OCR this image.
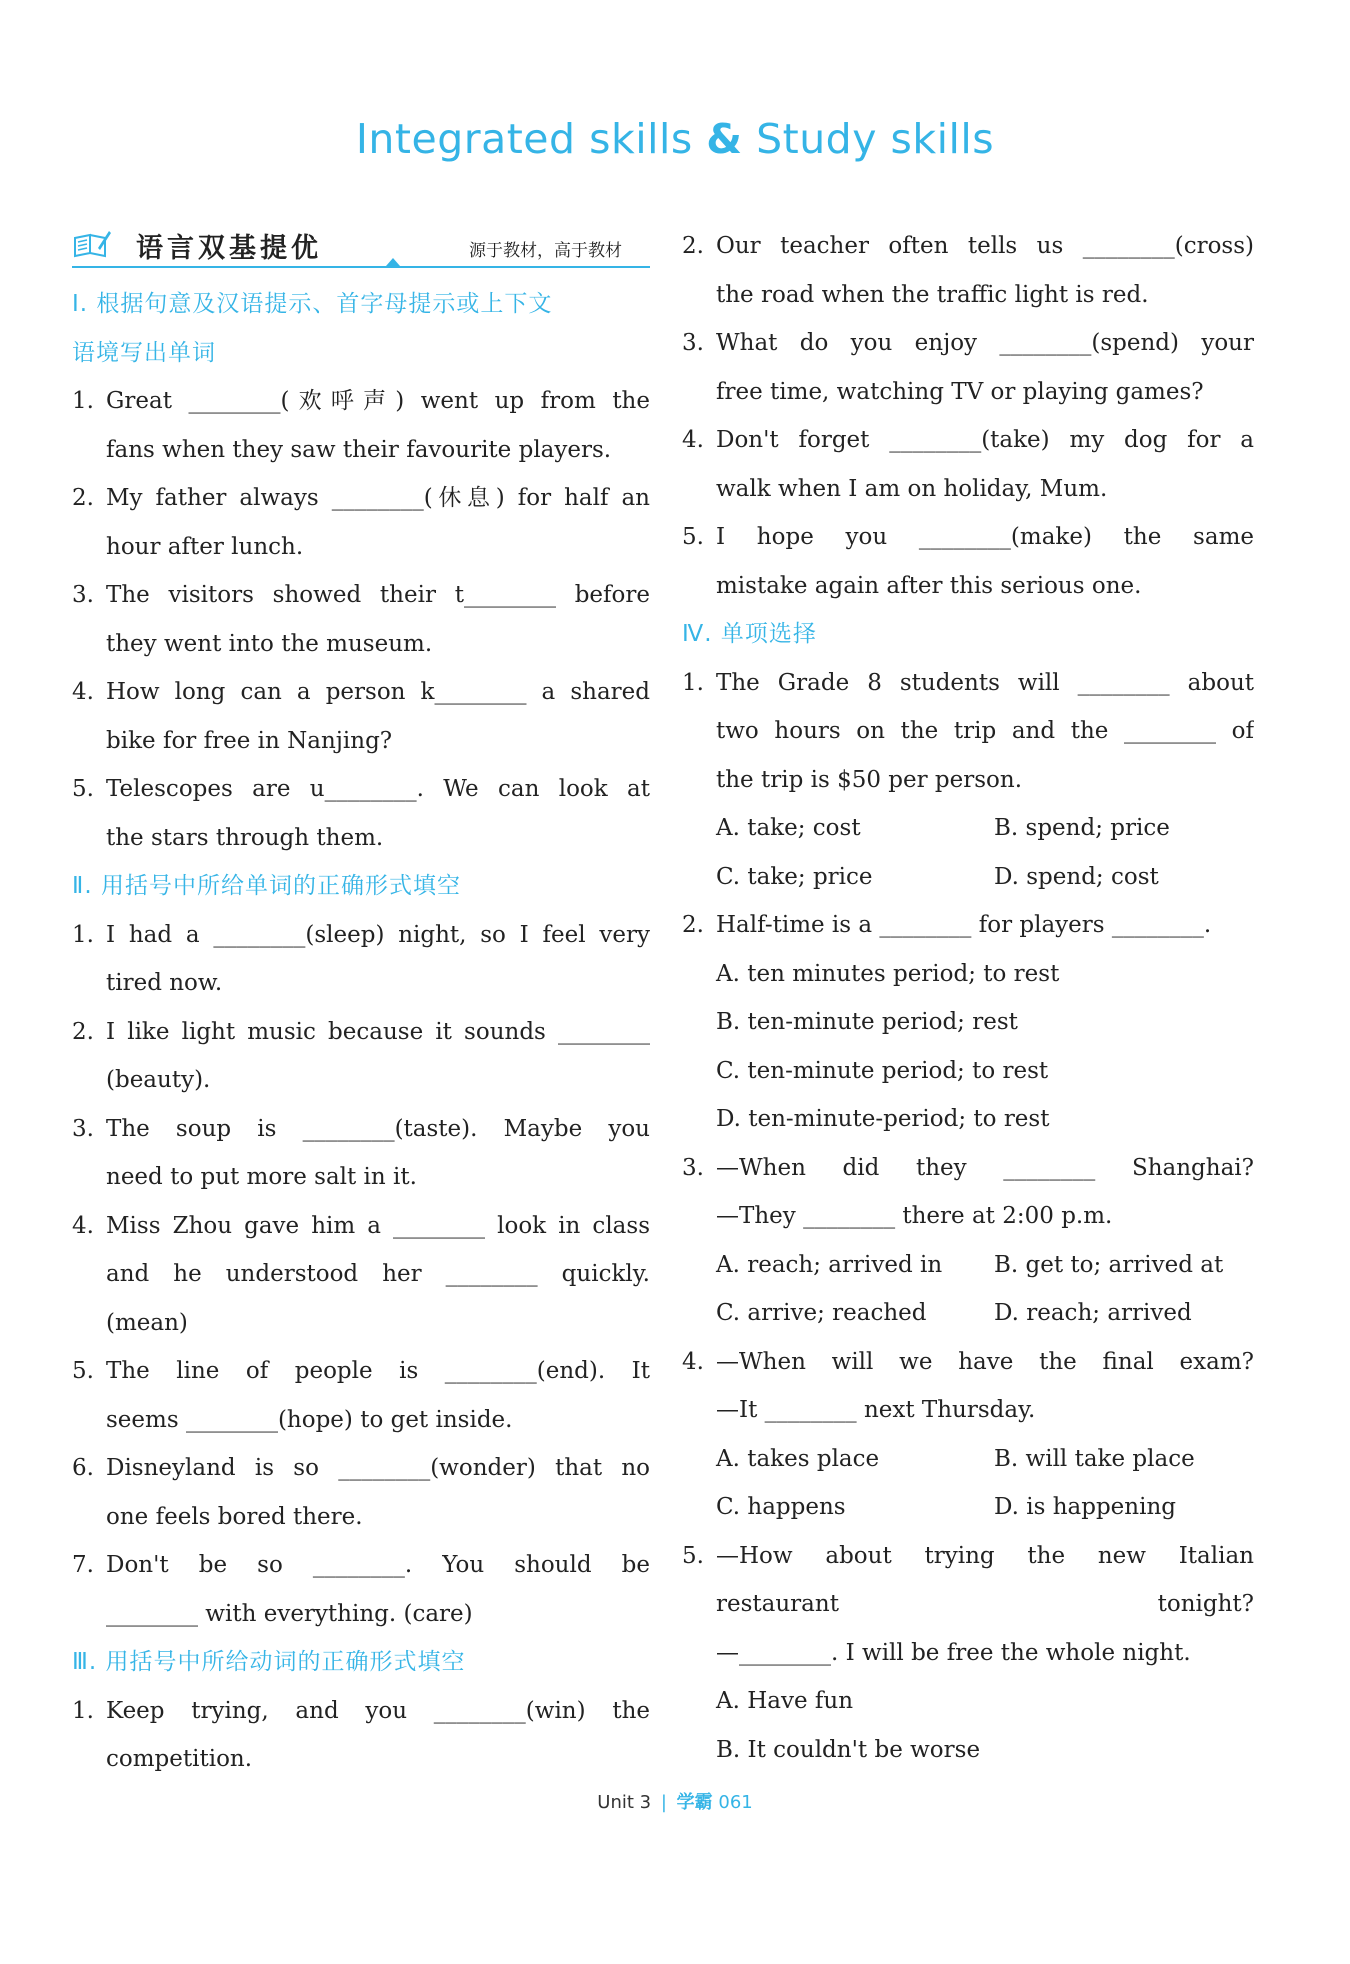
Integrated skills & Study skills
语言双基提优	源于教材，高于教材
Ⅰ. 根据句意及汉语提示、首字母提示或上下文
语境写出单词
1. Great ________(欢呼声) went up from the
fans when they saw their favourite players.
2. My father always ________(休息) for half an
hour after lunch.
3. The visitors showed their t________ before
they went into the museum.
4. How long can a person k________ a shared
bike for free in Nanjing?
5. Telescopes are u________. We can look at
the stars through them.
Ⅱ. 用括号中所给单词的正确形式填空
1. I had a ________(sleep) night, so I feel very
tired now.
2. I like light music because it sounds ________
(beauty).
3. The soup is ________(taste). Maybe you
need to put more salt in it.
4. Miss Zhou gave him a ________ look in class
and he understood her ________ quickly.
(mean)
5. The line of people is ________(end). It
seems ________(hope) to get inside.
6. Disneyland is so ________(wonder) that no
one feels bored there.
7. Don't be so ________. You should be
________ with everything. (care)
Ⅲ. 用括号中所给动词的正确形式填空
1. Keep trying, and you ________(win) the
competition.
2. Our teacher often tells us ________(cross)
the road when the traffic light is red.
3. What do you enjoy ________(spend) your
free time, watching TV or playing games?
4. Don't forget ________(take) my dog for a
walk when I am on holiday, Mum.
5. I hope you ________(make) the same
mistake again after this serious one.
Ⅳ. 单项选择
1. The Grade 8 students will ________ about
two hours on the trip and the ________ of
the trip is $50 per person.
A. take; cost	B. spend; price
C. take; price	D. spend; cost
2. Half-time is a ________ for players ________.
A. ten minutes period; to rest
B. ten-minute period; rest
C. ten-minute period; to rest
D. ten-minute-period; to rest
3. —When did they ________ Shanghai?
—They ________ there at 2:00 p.m.
A. reach; arrived in	B. get to; arrived at
C. arrive; reached	D. reach; arrived
4. —When will we have the final exam?
—It ________ next Thursday.
A. takes place	B. will take place
C. happens	D. is happening
5. —How about trying the new Italian
restaurant tonight?
—________. I will be free the whole night.
A. Have fun
B. It couldn't be worse
Unit 3 | 学霸 061
